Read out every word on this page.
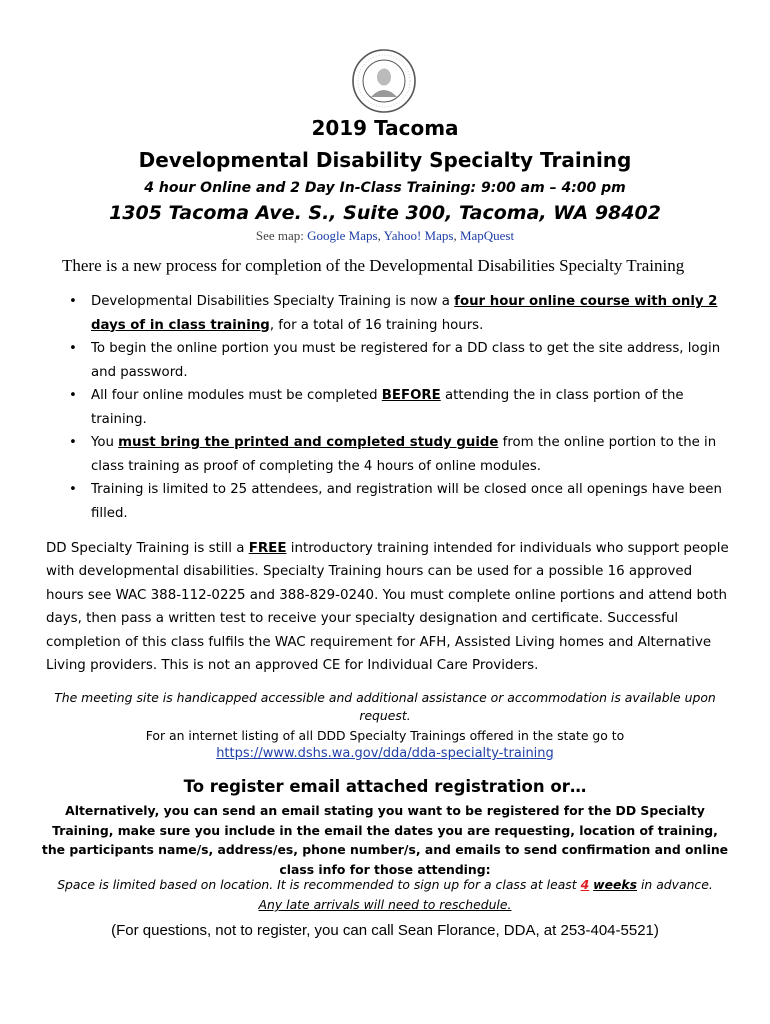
2019 Tacoma
Developmental Disability Specialty Training
4 hour Online and 2 Day In-Class Training: 9:00 am – 4:00 pm
1305 Tacoma Ave. S., Suite 300, Tacoma, WA 98402
See map: Google Maps, Yahoo! Maps, MapQuest
There is a new process for completion of the Developmental Disabilities Specialty Training
• Developmental Disabilities Specialty Training is now a four hour online course with only 2 days of in class training, for a total of 16 training hours.
• To begin the online portion you must be registered for a DD class to get the site address, login and password.
• All four online modules must be completed BEFORE attending the in class portion of the training.
• You must bring the printed and completed study guide from the online portion to the in class training as proof of completing the 4 hours of online modules.
• Training is limited to 25 attendees, and registration will be closed once all openings have been filled.
DD Specialty Training is still a FREE introductory training intended for individuals who support people with developmental disabilities. Specialty Training hours can be used for a possible 16 approved hours see WAC 388-112-0225 and 388-829-0240. You must complete online portions and attend both days, then pass a written test to receive your specialty designation and certificate. Successful completion of this class fulfils the WAC requirement for AFH, Assisted Living homes and Alternative Living providers. This is not an approved CE for Individual Care Providers.
The meeting site is handicapped accessible and additional assistance or accommodation is available upon request.
For an internet listing of all DDD Specialty Trainings offered in the state go to
https://www.dshs.wa.gov/dda/dda-specialty-training
To register email attached registration or…
Alternatively, you can send an email stating you want to be registered for the DD Specialty Training, make sure you include in the email the dates you are requesting, location of training, the participants name/s, address/es, phone number/s, and emails to send confirmation and online class info for those attending:
Space is limited based on location. It is recommended to sign up for a class at least 4 weeks in advance.
Any late arrivals will need to reschedule.
(For questions, not to register, you can call Sean Florance, DDA, at 253-404-5521)
